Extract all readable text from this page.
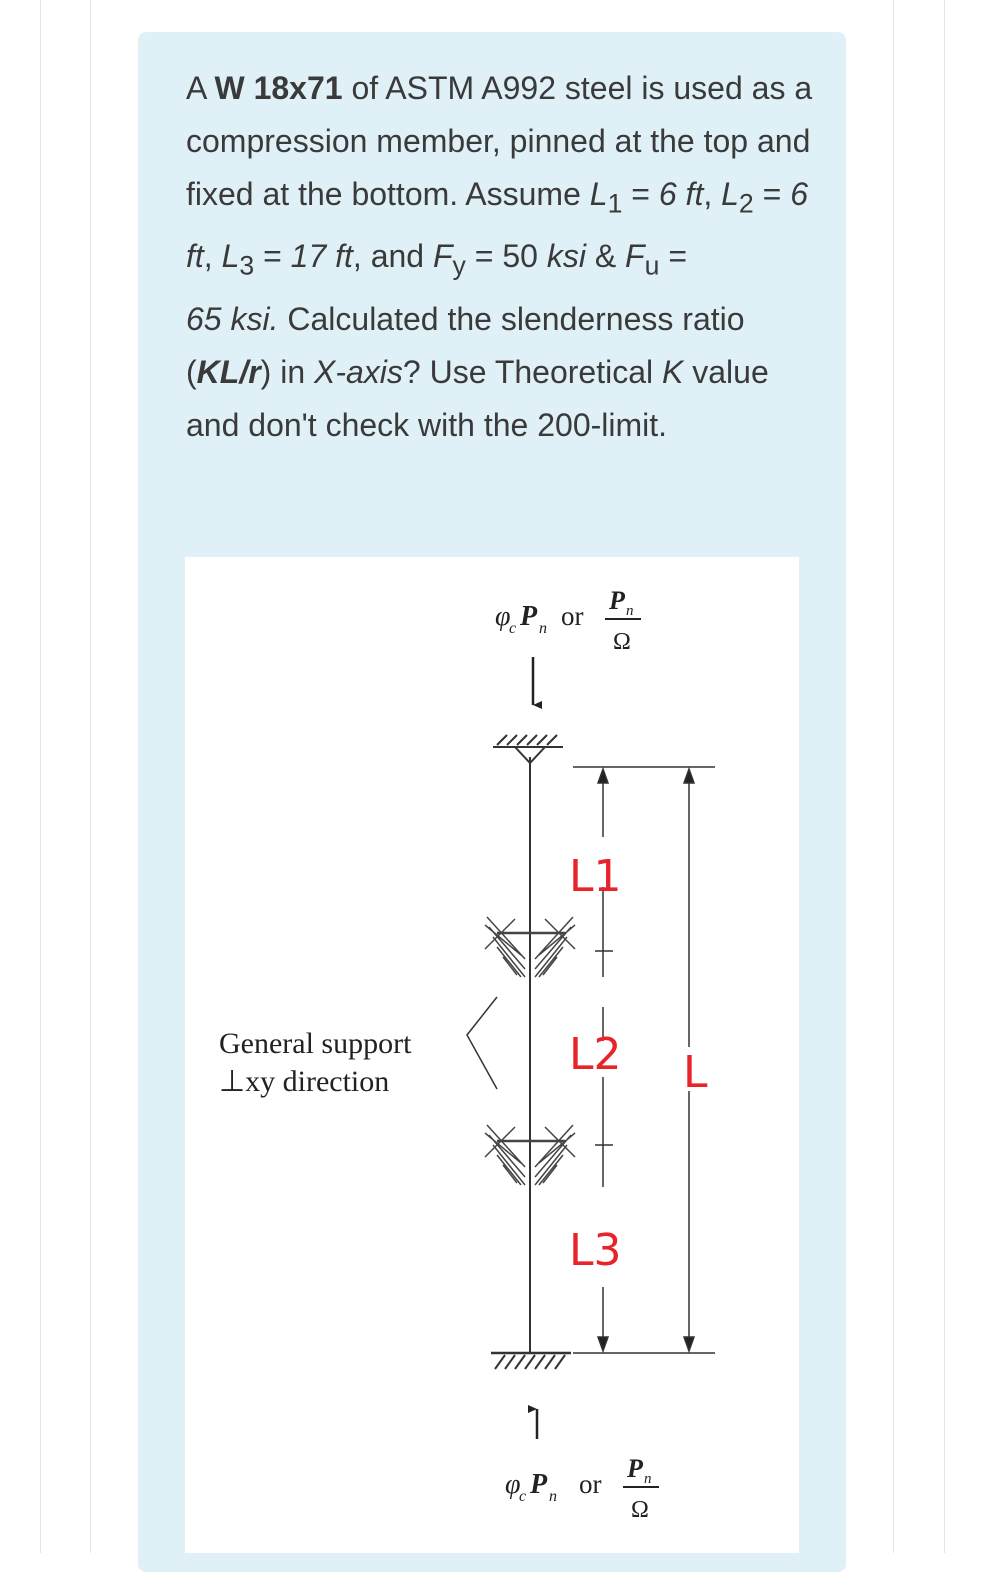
A W 18x71 of ASTM A992 steel is used as a compression member, pinned at the top and fixed at the bottom. Assume $L_1 = 6$ ft, $L_2 = 6$ ft, $L_3 = 17$ ft, and $F_y = 50$ ksi & $F_u$ =
65 ksi. Calculated the slenderness ratio (KL/r) in X-axis? Use Theoretical K value and don't check with the 200-limit.

φ
c P n or
P n
Ω
General support
⊥xy direction
φ
c P n or
P n
Ω
L1
L2
L3
L
